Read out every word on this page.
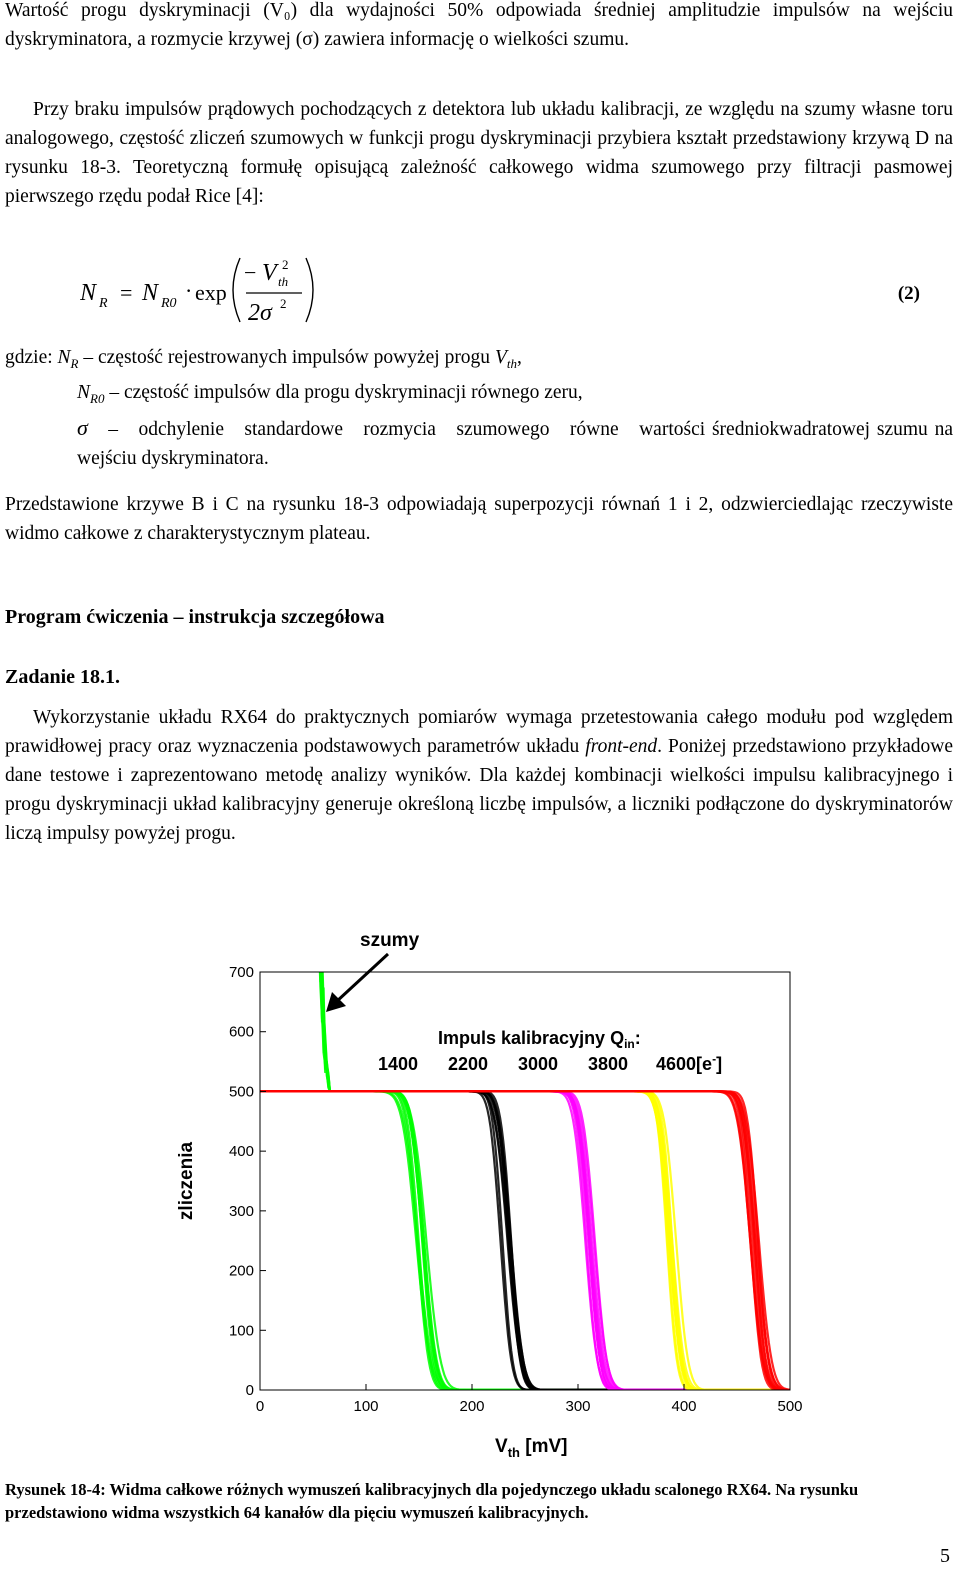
Wartość progu dyskryminacji (V₀) dla wydajności 50% odpowiada średniej amplitudzie impulsów na wejściu dyskryminatora, a rozmycie krzywej (σ) zawiera informację o wielkości szumu.

Przy braku impulsów prądowych pochodzących z detektora lub układu kalibracji, ze względu na szumy własne toru analogowego, częstość zliczeń szumowych w funkcji progu dyskryminacji przybiera kształt przedstawiony krzywą D na rysunku 18-3. Teoretyczną formułę opisującą zależność całkowego widma szumowego przy filtracji pasmowej pierwszego rzędu podał Rice [4]:

N R = N R0
· exp
− V th
2
2σ 2	(2)
gdzie: $N_R$ – częstość rejestrowanych impulsów powyżej progu $V_{th}$,
$N_{R0}$ – częstość impulsów dla progu dyskryminacji równego zeru,
σ   –   odchylenie   standardowe   rozmycia   szumowego   równe   wartości średniokwadratowej szumu na wejściu dyskryminatora.

Przedstawione krzywe B i C na rysunku 18-3 odpowiadają superpozycji równań 1 i 2, odzwierciedlając rzeczywiste widmo całkowe z charakterystycznym plateau.

Program ćwiczenia – instrukcja szczegółowa
Zadanie 18.1.

Wykorzystanie układu RX64 do praktycznych pomiarów wymaga przetestowania całego modułu pod względem prawidłowej pracy oraz wyznaczenia podstawowych parametrów układu front-end. Poniżej przedstawiono przykładowe dane testowe i zaprezentowano metodę analizy wyników. Dla każdej kombinacji wielkości impulsu kalibracyjnego i progu dyskryminacji układ kalibracyjny generuje określoną liczbę impulsów, a liczniki podłączone do dyskryminatorów liczą impulsy powyżej progu.

0	100	200	300	400	500
0
100
200
300
400
500
600
700
zliczenia
$V_{th}$ [mV]
szumy
Impuls kalibracyjny $Q_{in}$:
1400 2200 3000 3800 4600[e-]

Rysunek 18-4: Widma całkowe różnych wymuszeń kalibracyjnych dla pojedynczego układu scalonego RX64. Na rysunku przedstawiono widma wszystkich 64 kanałów dla pięciu wymuszeń kalibracyjnych.

5
